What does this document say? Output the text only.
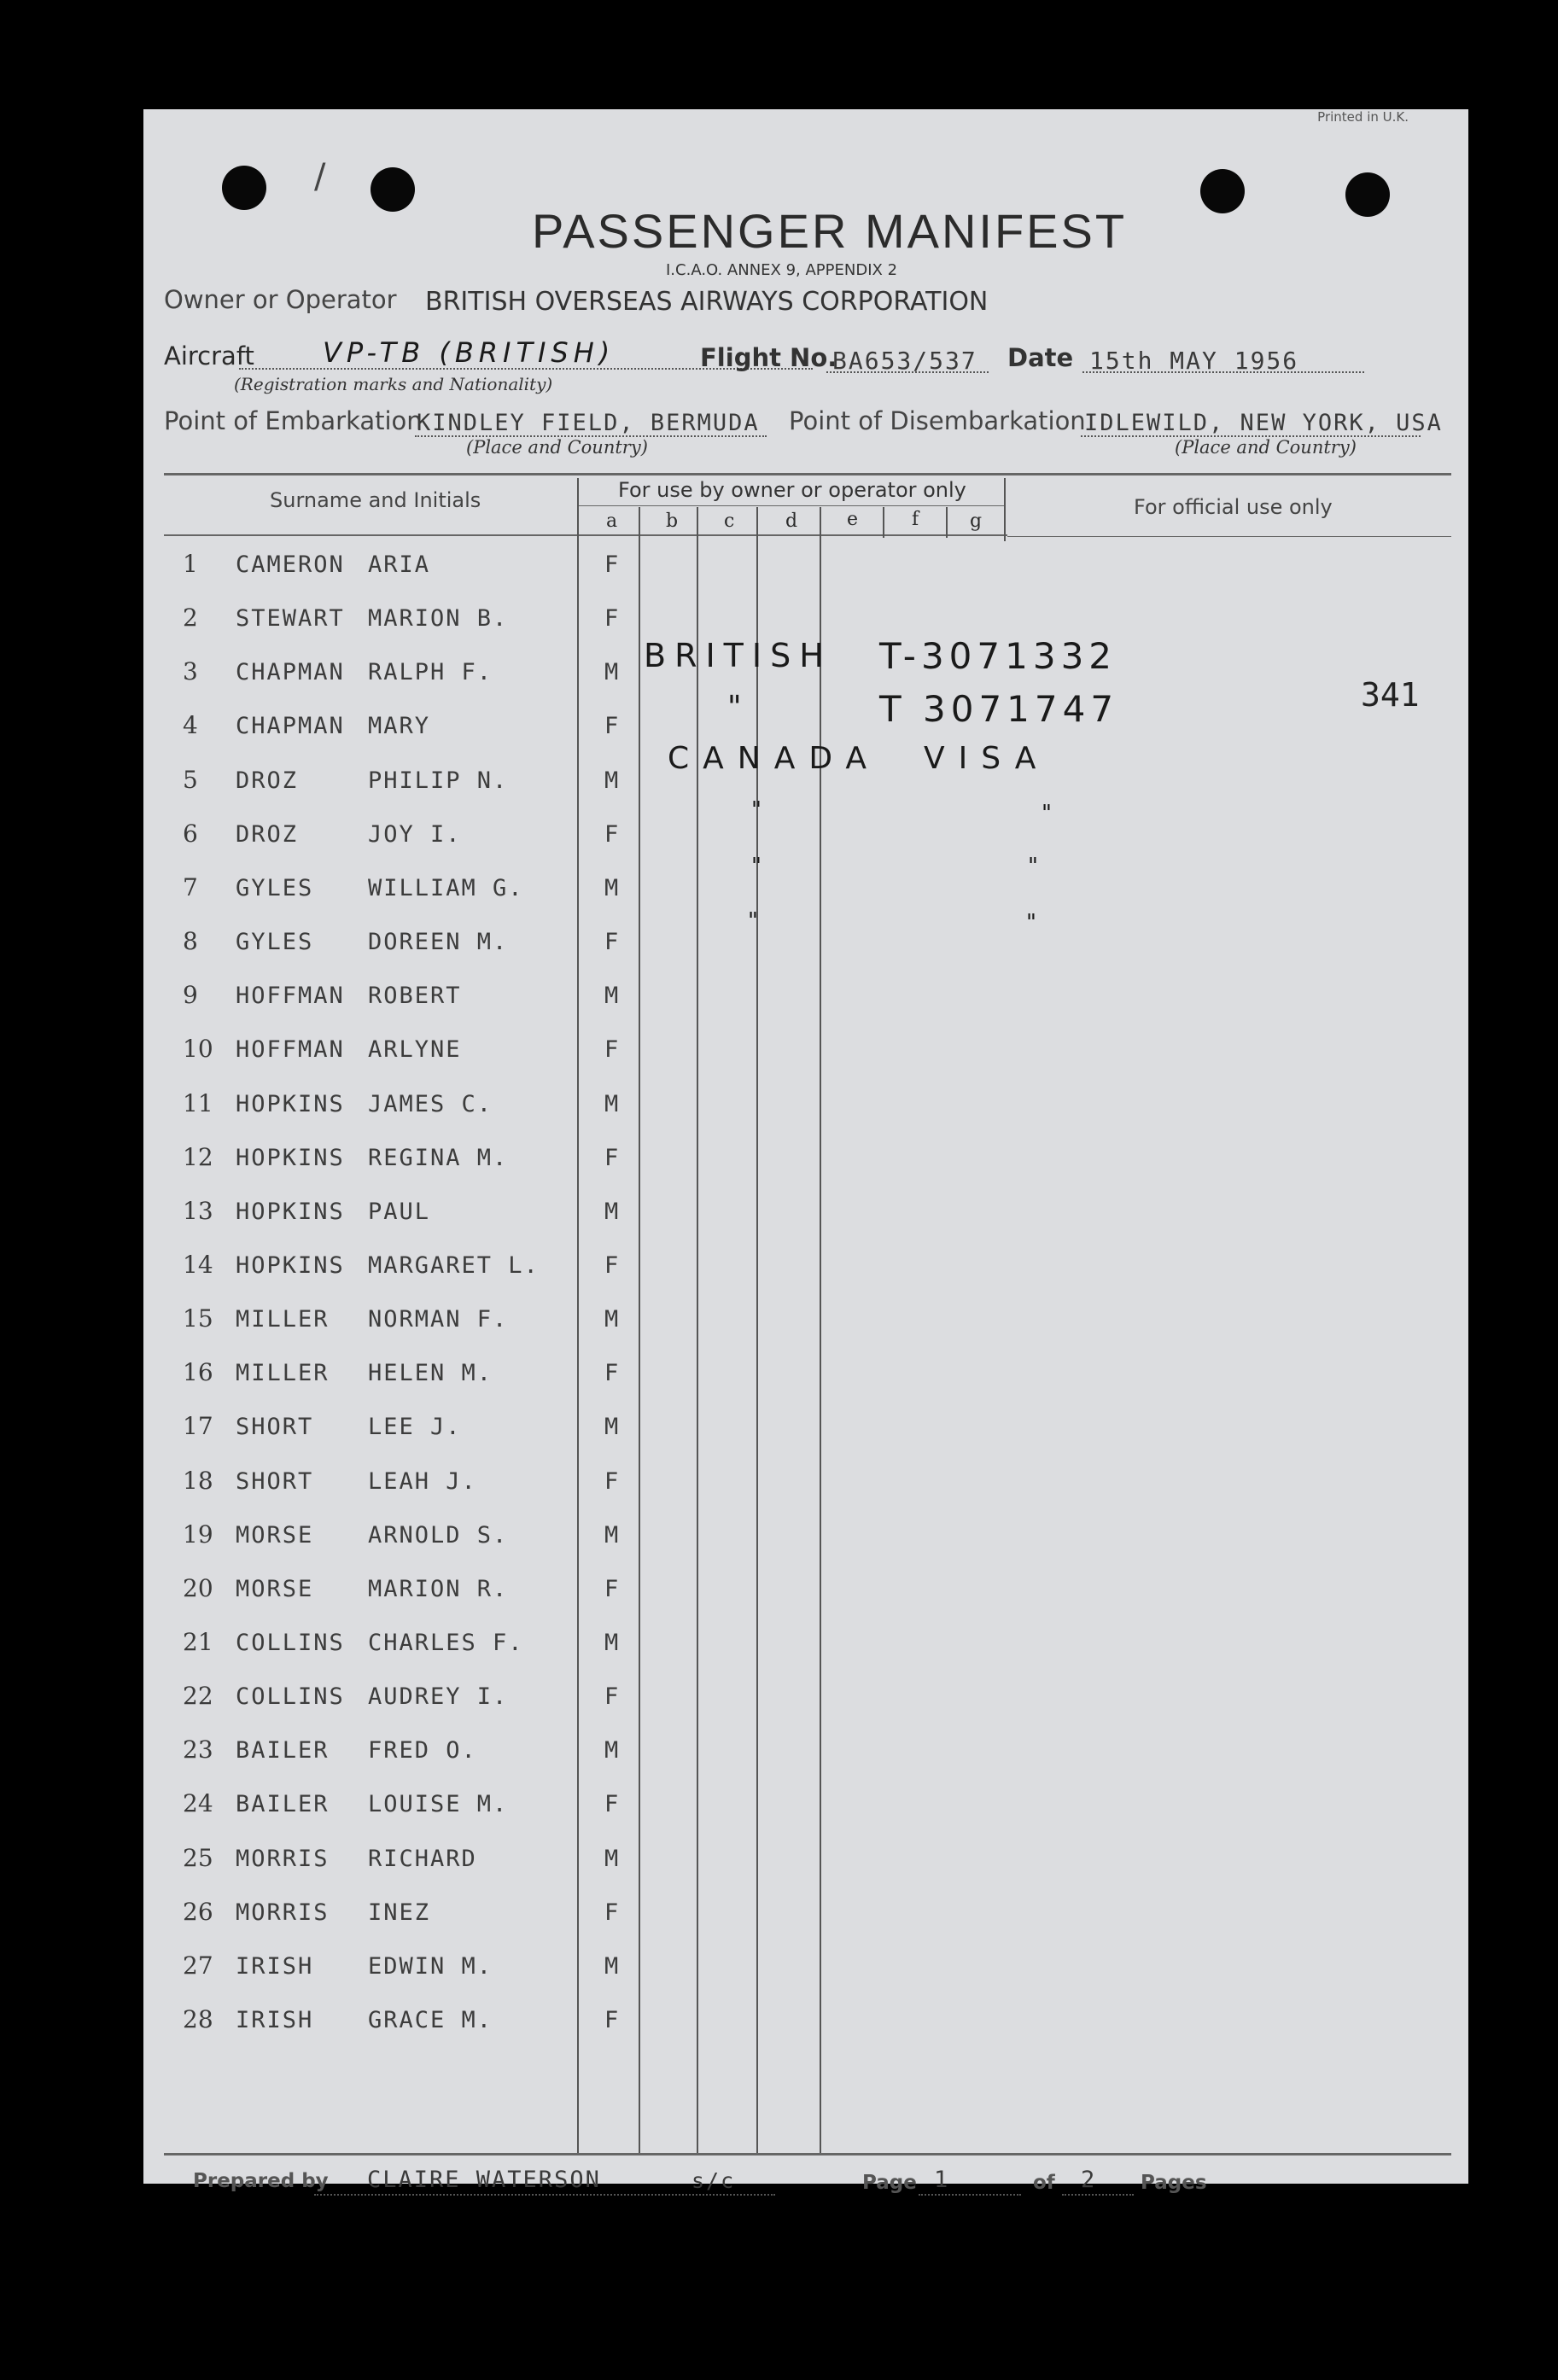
/
Printed in U.K.
PASSENGER MANIFEST
I.C.A.O. ANNEX 9, APPENDIX 2
Owner or Operator BRITISH OVERSEAS AIRWAYS CORPORATION
Aircraft	VP-TB (BRITISH)
(Registration marks and Nationality)
Flight No.
BA653/537 Date 15th MAY 1956
Point of Embarkation
KINDLEY FIELD, BERMUDA
(Place and Country)
Point of Disembarkation
IDLEWILD, NEW YORK, USA
(Place and Country)
Surname and Initials	For use by owner or operator only
For official use only
a	b c	d	e	f	g
1	CAMERON ARIA	F
2	STEWART MARION B.	F
3	CHAPMAN RALPH F.	M
4	CHAPMAN MARY	F
5	DROZ	PHILIP N.	M
6	DROZ	JOY I.	F
7	GYLES WILLIAM G.	M
8	GYLES DOREEN M.	F
9	HOFFMAN ROBERT	M
10 HOFFMAN ARLYNE	F
11 HOPKINS JAMES C.	M
12 HOPKINS REGINA M.	F
13 HOPKINS PAUL	M
14 HOPKINS MARGARET L.	F
15 MILLER NORMAN F.	M
16 MILLER HELEN M.	F
17 SHORT LEE J.	M
18 SHORT LEAH J.	F
19 MORSE ARNOLD S.	M
20 MORSE MARION R.	F
21 COLLINS CHARLES F.	M
22 COLLINS AUDREY I.	F
23 BAILER FRED O.	M
24 BAILER LOUISE M.	F
25 MORRIS RICHARD	M
26 MORRIS INEZ	F
27 IRISH EDWIN M.	M
28 IRISH GRACE M.	F
BRITISH T-3071332
"	T 3071747
CANADA VISA
"	"
"	"
"	"
341
Prepared by CLAIRE WATERSON	s/c	Page 1	of 2 Pages
